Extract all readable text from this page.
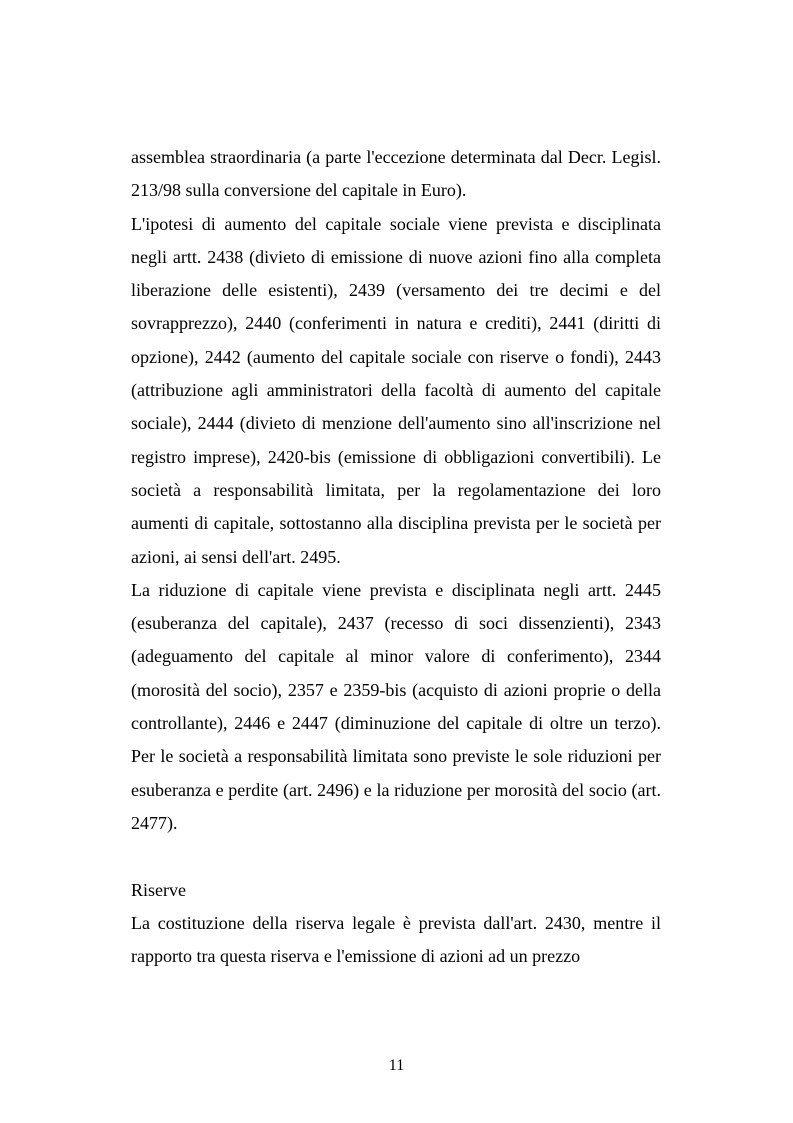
assemblea straordinaria (a parte l'eccezione determinata dal Decr. Legisl. 213/98 sulla conversione del capitale in Euro).

L'ipotesi di aumento del capitale sociale viene prevista e disciplinata negli artt. 2438 (divieto di emissione di nuove azioni fino alla completa liberazione delle esistenti), 2439 (versamento dei tre decimi e del sovrapprezzo), 2440 (conferimenti in natura e crediti), 2441 (diritti di opzione), 2442 (aumento del capitale sociale con riserve o fondi), 2443 (attribuzione agli amministratori della facoltà di aumento del capitale sociale), 2444 (divieto di menzione dell'aumento sino all'inscrizione nel registro imprese), 2420-bis (emissione di obbligazioni convertibili). Le società a responsabilità limitata, per la regolamentazione dei loro aumenti di capitale, sottostanno alla disciplina prevista per le società per azioni, ai sensi dell'art. 2495.

La riduzione di capitale viene prevista e disciplinata negli artt. 2445 (esuberanza del capitale), 2437 (recesso di soci dissenzienti), 2343 (adeguamento del capitale al minor valore di conferimento), 2344 (morosità del socio), 2357 e 2359-bis (acquisto di azioni proprie o della controllante), 2446 e 2447 (diminuzione del capitale di oltre un terzo). Per le società a responsabilità limitata sono previste le sole riduzioni per esuberanza e perdite (art. 2496) e la riduzione per morosità del socio (art. 2477).

Riserve

La costituzione della riserva legale è prevista dall'art. 2430, mentre il rapporto tra questa riserva e l'emissione di azioni ad un prezzo

11
